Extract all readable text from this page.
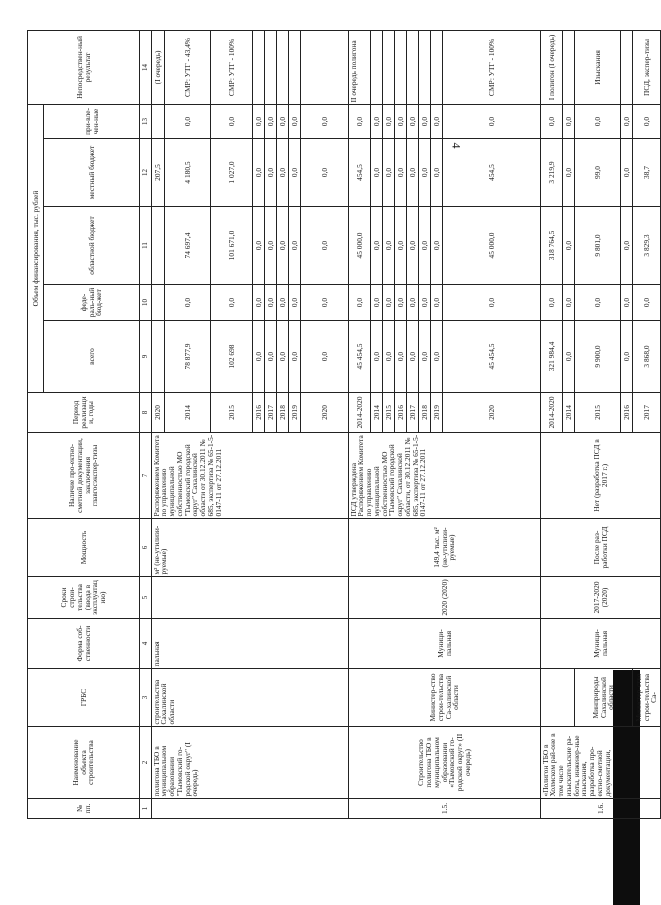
4
№ пп.	Наименование объекта строительства	ГРБС	Форма соб-ственности	Сроки строи-тельства (ввода в эксплуатацию)	Мощность	Наличие про-ектно-сметной документации, заключения главгосэкспер-тизы	Период реализации, годы	Объем финансирования, тыс. рублей					Непосредствен-ный результат
								всего	феде-раль-ный бюд-жет	областной бюджет	местный бюджет	при-вле-чен-ные	
1	2	3	4	5	6	7	8	9	10	11	12	13	14
	полигона ТБО в муниципальном образовании "Тымовский го-родской округ" (I очередь)	строительства Сахалинской области	пальная		м² (не-утилизи-руемые)	Распоряжением Комитета по управлению муниципальной собственностью МО "Тымовский городской округ" Сахалинской области от 30.12.2011 № 685, экспертиза № 65-1-5-0147-11 от 27.12.2011	2020				207,5		(I очередь)
							2014	78 877,9	0,0	74 697,4	4 180,5	0,0	СМР: УТГ - 43,4%
							2015	102 698	0,0	101 671,0	1 027,0	0,0	СМР: УТГ - 100%
							2016	0,0	0,0	0,0	0,0	0,0	
							2017	0,0	0,0	0,0	0,0	0,0	
							2018	0,0	0,0	0,0	0,0	0,0	
							2019	0,0	0,0	0,0	0,0	0,0	
							2020	0,0	0,0	0,0	0,0	0,0	
1.5.	Строительство полигона ТБО в муниципальном образовании «Тымовский го-родской округ» (II очередь)	Министер-ство строи-тельства Са-халинской области	Муници-пальная	2020 (2020)	149,4 тыс. м² (не-утилизи-руемые)	ПСД утверждена Распоряжением Комитета по управлению муниципальной собственностью МО "Тымовский городской округ" Сахалинской области, от 30.12.2011 № 685, экспертиза № 65-1-5-0147-11 от 27.12.2011	2014-2020	45 454,5	0,0	45 000,0	454,5	0,0	II очередь полигона
							2014	0,0	0,0	0,0	0,0	0,0	
							2015	0,0	0,0	0,0	0,0	0,0	
							2016	0,0	0,0	0,0	0,0	0,0	
							2017	0,0	0,0	0,0	0,0	0,0	
							2018	0,0	0,0	0,0	0,0	0,0	
							2019	0,0	0,0	0,0	0,0	0,0	
							2020	45 454,5	0,0	45 000,0	454,5	0,0	СМР: УТГ - 100%
1.6.	«Полигон ТБО в Холмском рай-оне в том числе изыскательские ра-боты, инженер-ные изыскания, разработка про-ектно-сметной документации,		Муници-пальная	2017-2020 (2020)	После раз-работки ПСД	Нет (разработка ПСД в 2017 г.)	2014-2020	321 984,4	0,0	318 764,5	3 219,9	0,0	I полигон (I очередь)
							2014	0,0	0,0	0,0	0,0	0,0	
		Минприроды Сахалинской области					2015	9 900,0	0,0	9 801,0	99,0	0,0	Изыскания
							2016	0,0	0,0	0,0	0,0	0,0	
		Министер-ство строи-тельства Са-					2017	3 868,0	0,0	3 829,3	38,7	0,0	ПСД, экспер-тизы
